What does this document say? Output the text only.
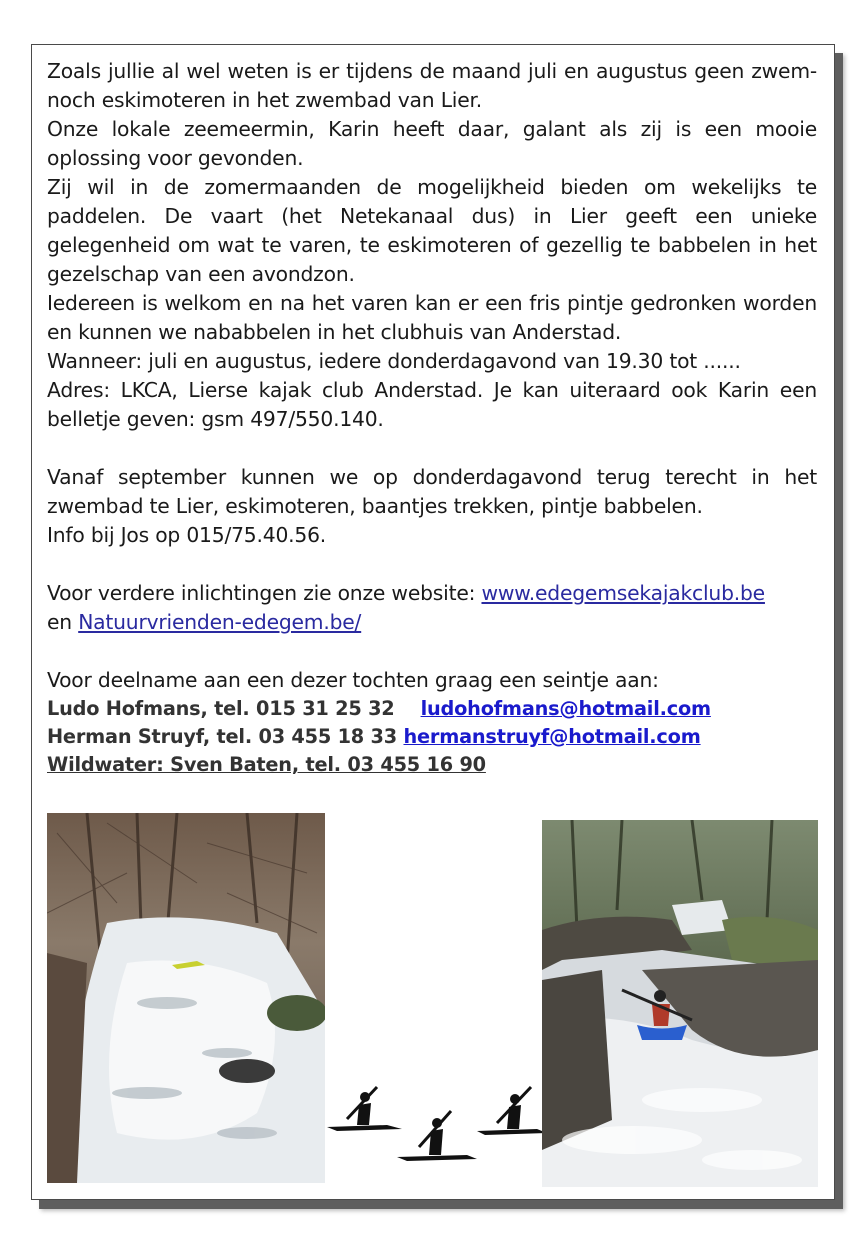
Zoals jullie al wel weten is er tijdens de maand juli en augustus geen zwem- noch eskimoteren in het zwembad van Lier.

Onze lokale zeemeermin, Karin heeft daar, galant als zij is een mooie oplossing voor gevonden.

Zij wil in de zomermaanden de mogelijkheid bieden om wekelijks te paddelen. De vaart (het Netekanaal dus) in Lier geeft een unieke gelegenheid om wat te varen, te eskimoteren of gezellig te babbelen in het gezelschap van een avondzon.

Iedereen is welkom en na het varen kan er een fris pintje gedronken worden en kunnen we nababbelen in het clubhuis van Anderstad.

Wanneer: juli en augustus, iedere donderdagavond van 19.30 tot ......

Adres: LKCA, Lierse kajak club Anderstad. Je kan uiteraard ook Karin een belletje geven: gsm 497/550.140.

Vanaf september kunnen we op donderdagavond terug terecht in het zwembad te Lier, eskimoteren, baantjes trekken, pintje babbelen.

Info bij Jos op 015/75.40.56.

Voor verdere inlichtingen zie onze website: www.edegemsekajakclub.be
en Natuurvrienden-edegem.be/

Voor deelname aan een dezer tochten graag een seintje aan:

Ludo Hofmans, tel. 015 31 25 32 ludohofmans@hotmail.com
Herman Struyf, tel. 03 455 18 33 hermanstruyf@hotmail.com
Wildwater: Sven Baten, tel. 03 455 16 90
